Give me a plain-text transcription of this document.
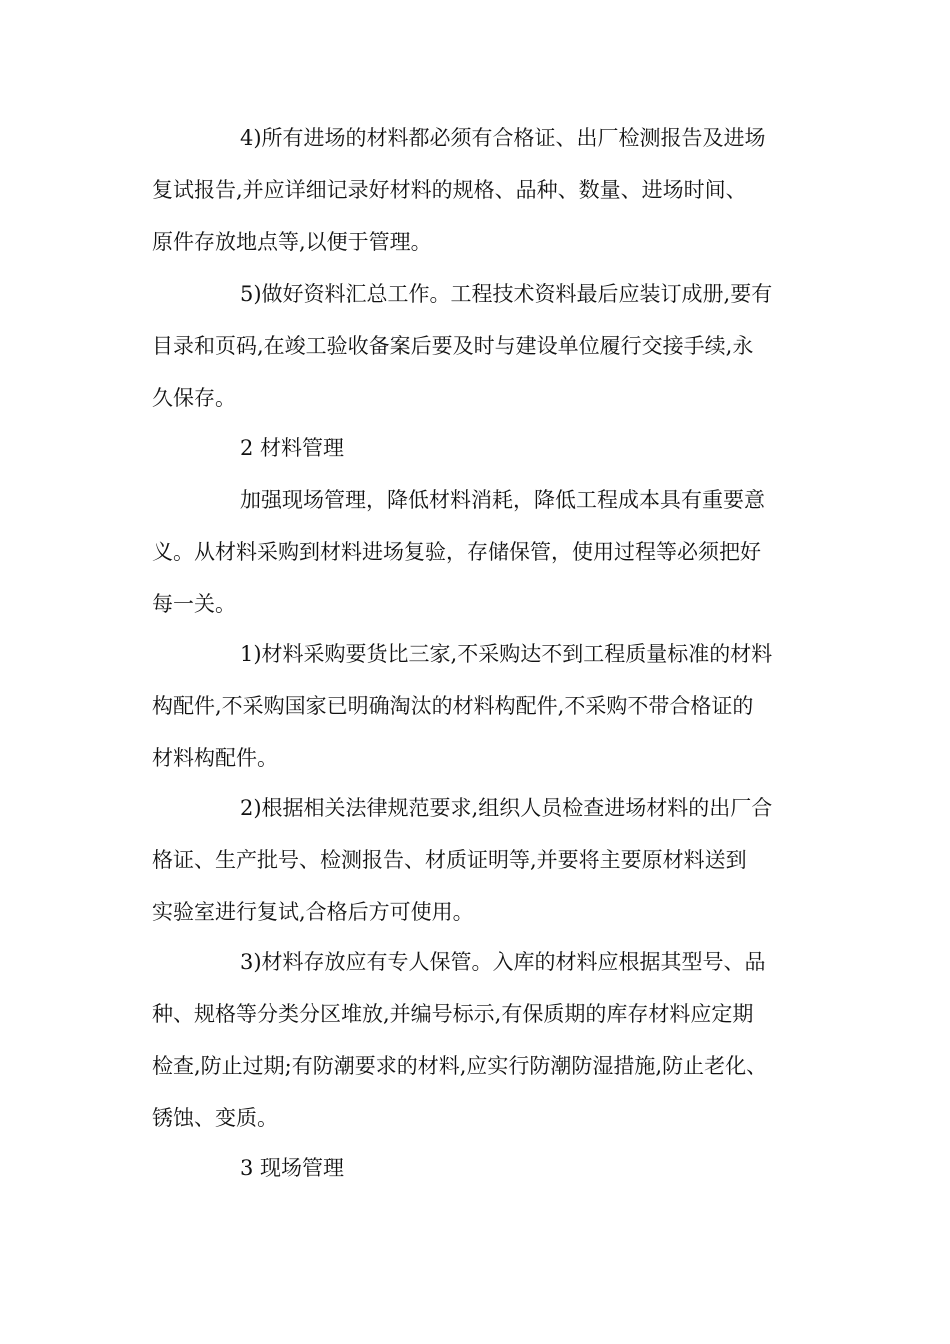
4)所有进场的材料都必须有合格证、出厂检测报告及进场
复试报告,并应详细记录好材料的规格、品种、数量、进场时间、
原件存放地点等,以便于管理。
5)做好资料汇总工作。工程技术资料最后应装订成册,要有
目录和页码,在竣工验收备案后要及时与建设单位履行交接手续,永
久保存。
2 材料管理
加强现场管理，降低材料消耗，降低工程成本具有重要意
义。从材料采购到材料进场复验，存储保管，使用过程等必须把好
每一关。
1)材料采购要货比三家,不采购达不到工程质量标准的材料
构配件,不采购国家已明确淘汰的材料构配件,不采购不带合格证的
材料构配件。
2)根据相关法律规范要求,组织人员检查进场材料的出厂合
格证、生产批号、检测报告、材质证明等,并要将主要原材料送到
实验室进行复试,合格后方可使用。
3)材料存放应有专人保管。入库的材料应根据其型号、品
种、规格等分类分区堆放,并编号标示,有保质期的库存材料应定期
检查,防止过期;有防潮要求的材料,应实行防潮防湿措施,防止老化、
锈蚀、变质。
3 现场管理
